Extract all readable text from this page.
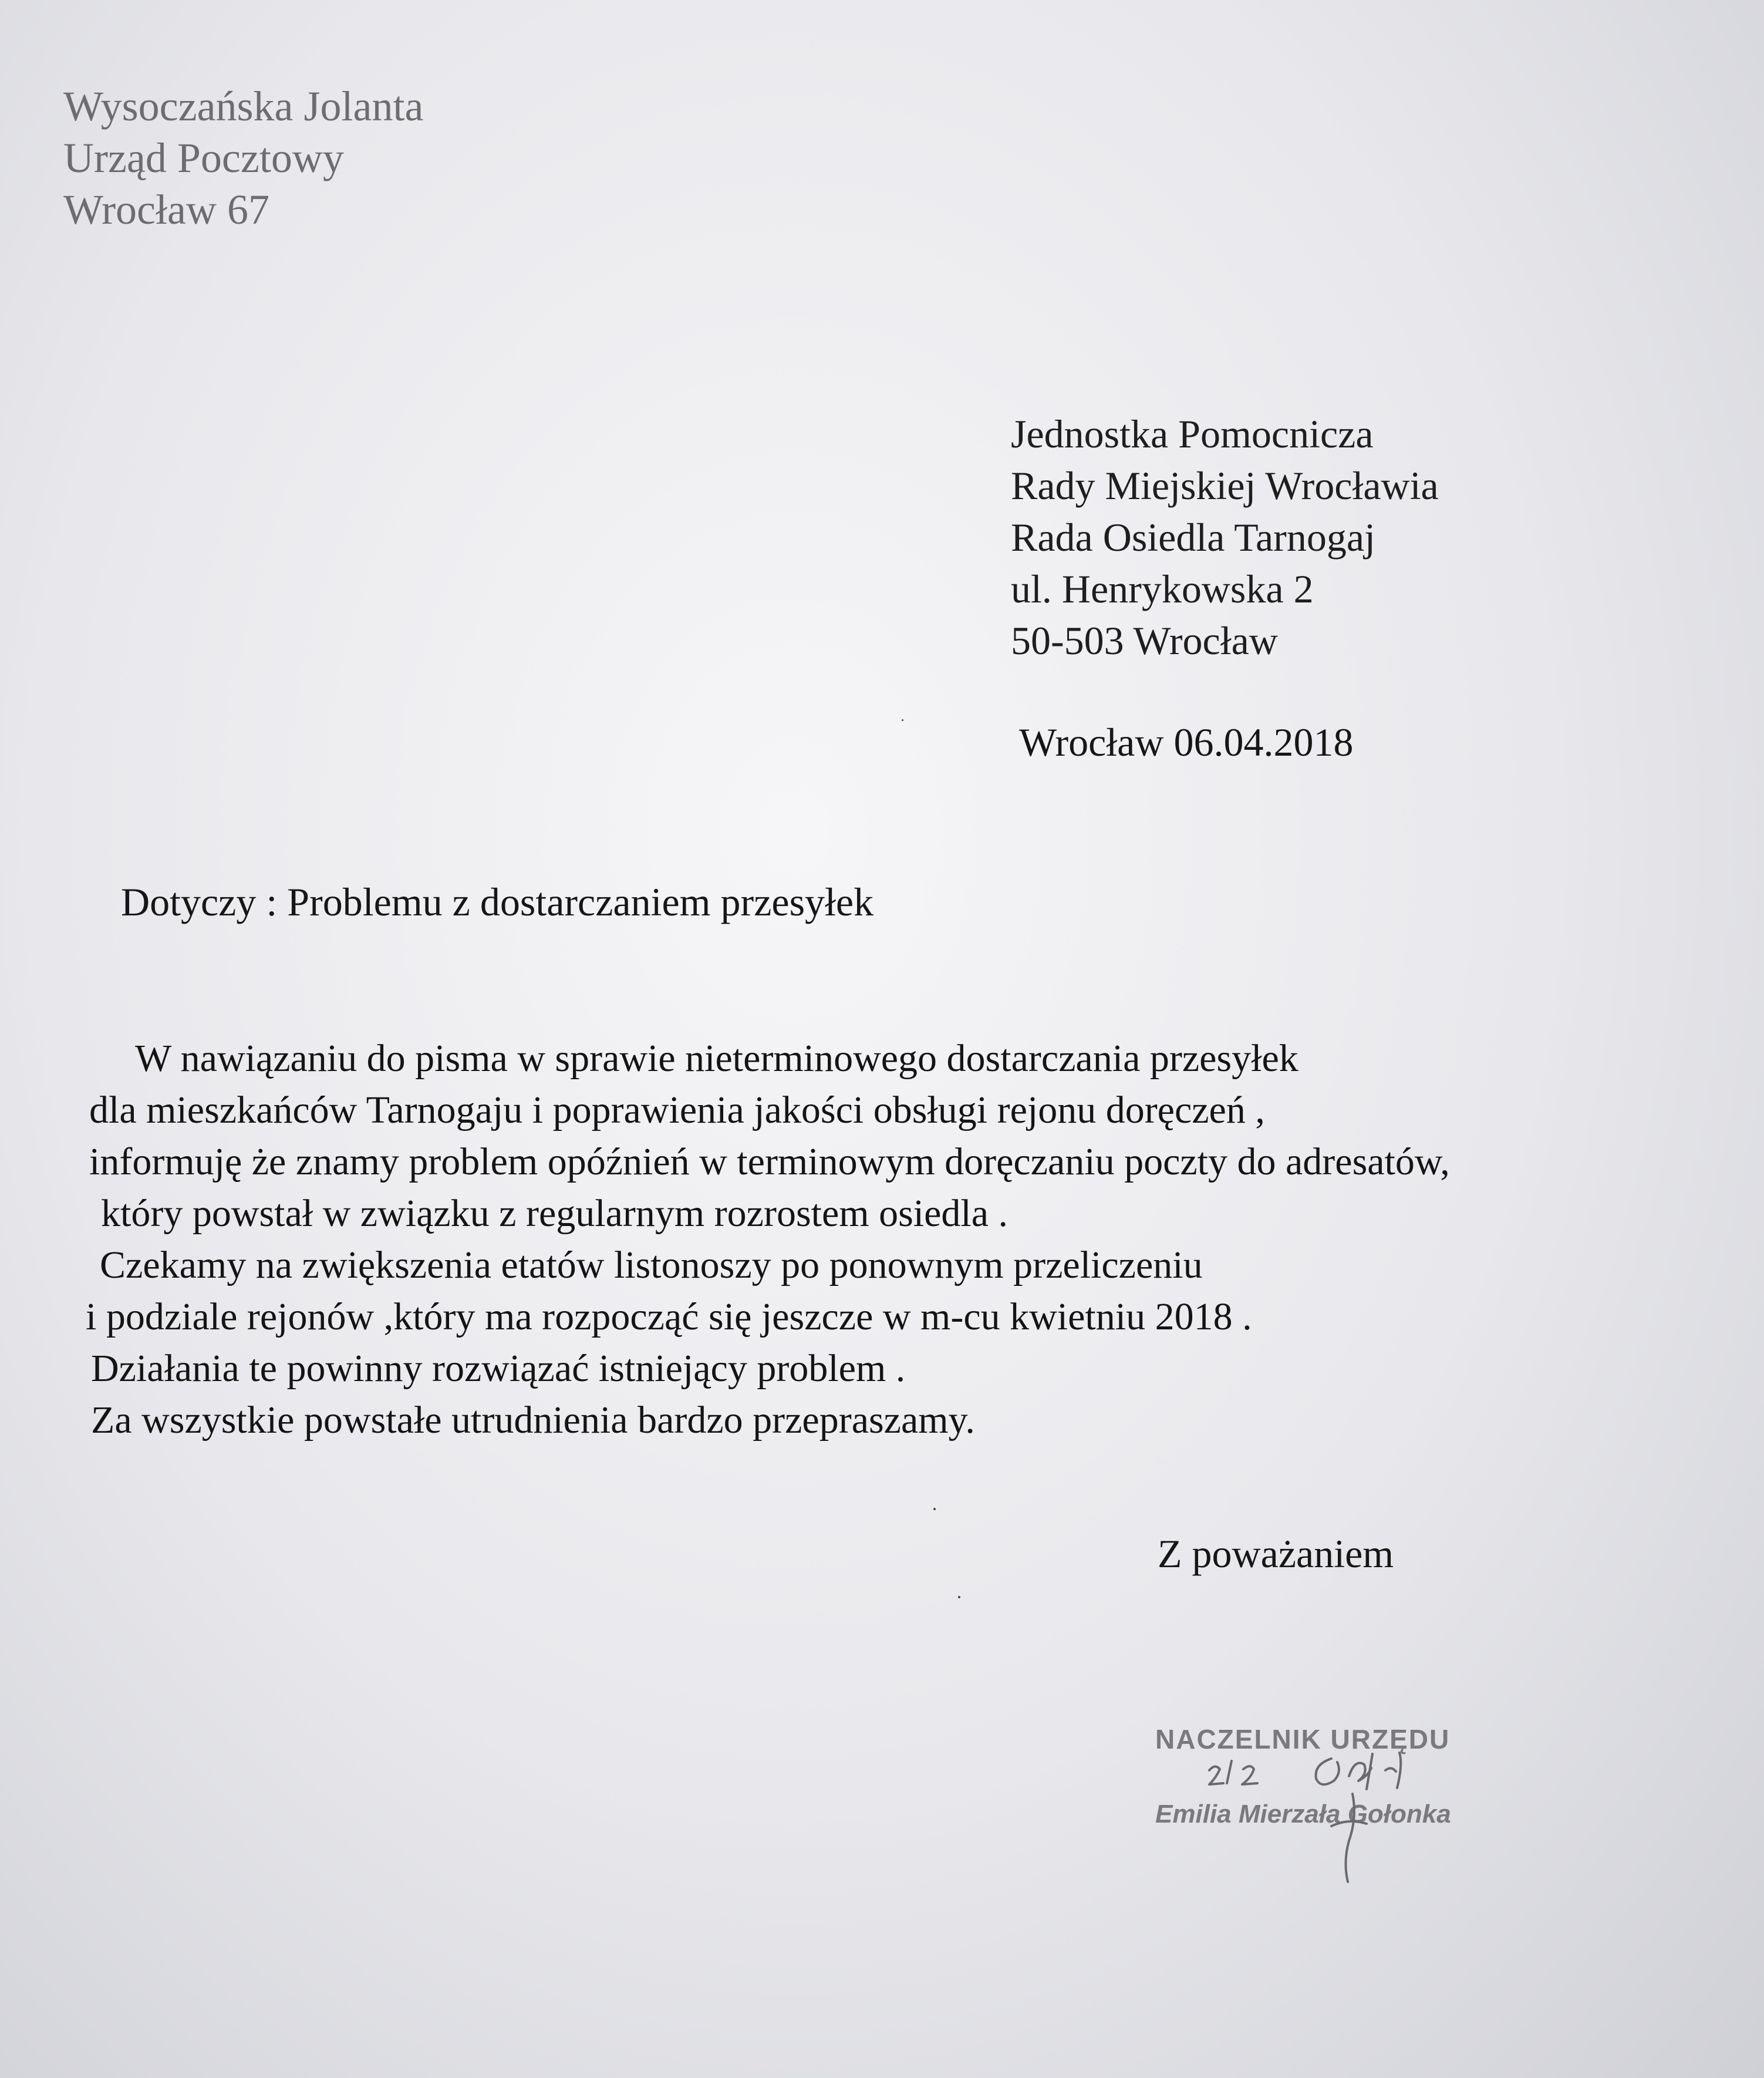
Wysoczańska Jolanta
Urząd Pocztowy
Wrocław 67
Jednostka Pomocnicza
Rady Miejskiej Wrocławia
Rada Osiedla Tarnogaj
ul. Henrykowska 2
50-503 Wrocław
Wrocław 06.04.2018
Dotyczy : Problemu z dostarczaniem przesyłek
W nawiązaniu do pisma w sprawie nieterminowego dostarczania przesyłek
dla mieszkańców Tarnogaju i poprawienia jakości obsługi rejonu doręczeń ,
informuję że znamy problem opóźnień w terminowym doręczaniu poczty do adresatów,
który powstał w związku z regularnym rozrostem osiedla .
Czekamy na zwiększenia etatów listonoszy po ponownym przeliczeniu
i podziale rejonów ,który ma rozpocząć się jeszcze w m-cu kwietniu 2018 .
Działania te powinny rozwiązać istniejący problem .
Za wszystkie powstałe utrudnienia bardzo przepraszamy.
Z poważaniem
NACZELNIK URZĘDU
Emilia Mierzała Gołonka
